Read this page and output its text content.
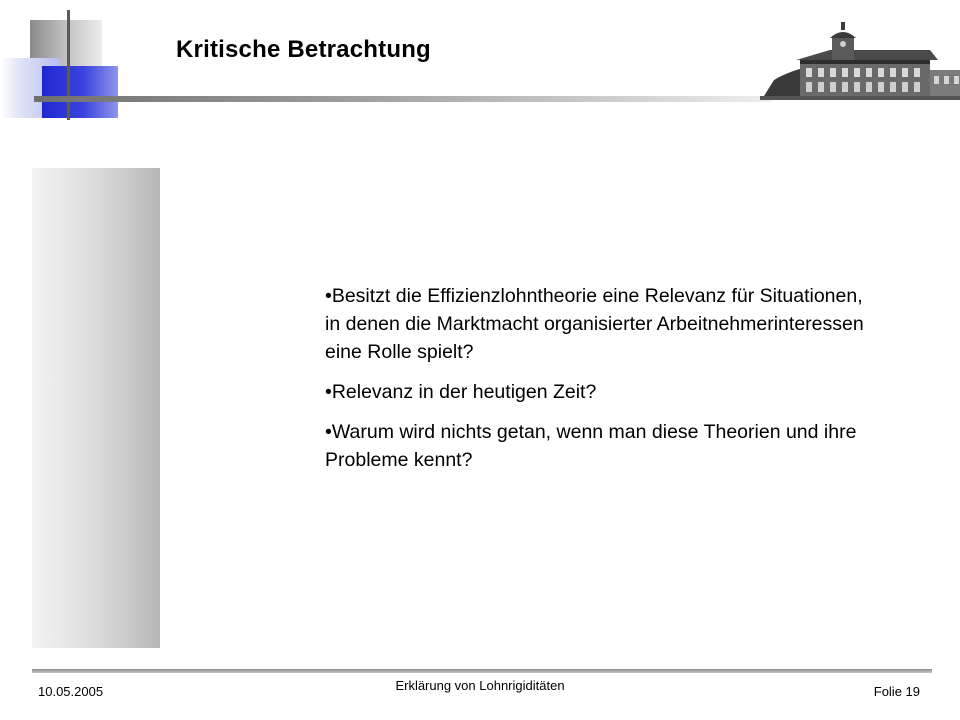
Kritische Betrachtung

•Besitzt die Effizienzlohntheorie eine Relevanz für Situationen, in denen die Marktmacht organisierter Arbeitnehmerinteressen eine Rolle spielt?

•Relevanz in der heutigen Zeit?

•Warum wird nichts getan, wenn man diese Theorien und ihre Probleme kennt?

10.05.2005	Erklärung von Lohnrigiditäten	Folie 19
